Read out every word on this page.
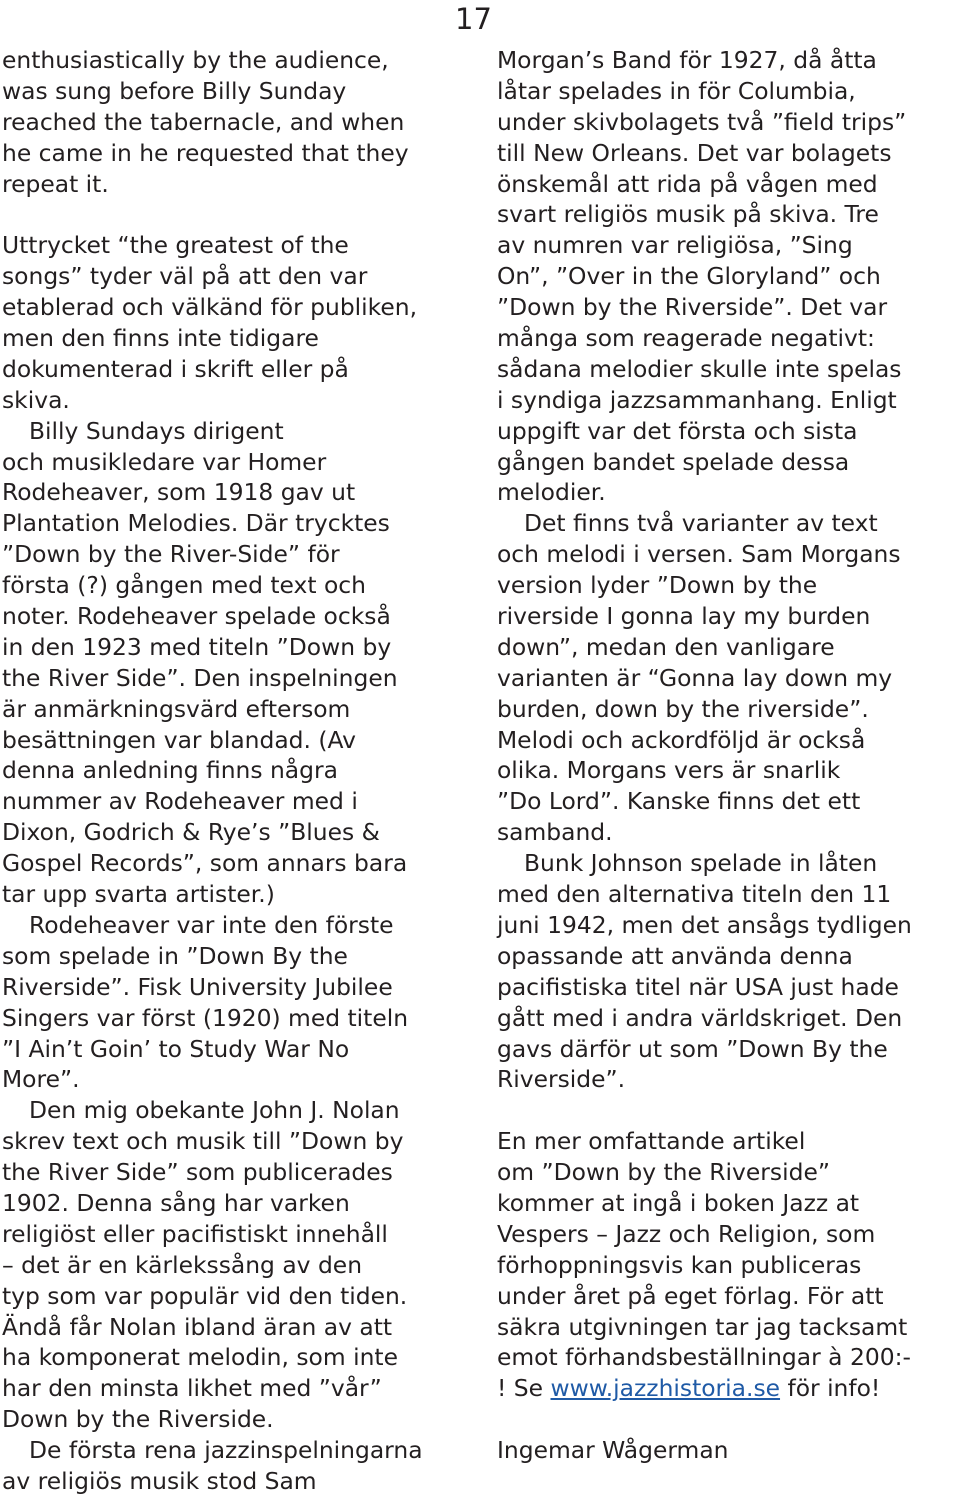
17
enthusiastically by the audience,
was sung before Billy Sunday
reached the tabernacle, and when
he came in he requested that they
repeat it.
Uttrycket “the greatest of the
songs” tyder väl på att den var
etablerad och välkänd för publiken,
men den finns inte tidigare
dokumenterad i skrift eller på
skiva.
Billy Sundays dirigent
och musikledare var Homer
Rodeheaver, som 1918 gav ut
Plantation Melodies. Där trycktes
”Down by the River-Side” för
första (?) gången med text och
noter. Rodeheaver spelade också
in den 1923 med titeln ”Down by
the River Side”. Den inspelningen
är anmärkningsvärd eftersom
besättningen var blandad. (Av
denna anledning finns några
nummer av Rodeheaver med i
Dixon, Godrich & Rye’s ”Blues &
Gospel Records”, som annars bara
tar upp svarta artister.)
Rodeheaver var inte den förste
som spelade in ”Down By the
Riverside”. Fisk University Jubilee
Singers var först (1920) med titeln
”I Ain’t Goin’ to Study War No
More”.
Den mig obekante John J. Nolan
skrev text och musik till ”Down by
the River Side” som publicerades
1902. Denna sång har varken
religiöst eller pacifistiskt innehåll
– det är en kärlekssång av den
typ som var populär vid den tiden.
Ändå får Nolan ibland äran av att
ha komponerat melodin, som inte
har den minsta likhet med ”vår”
Down by the Riverside.
De första rena jazzinspelningarna
av religiös musik stod Sam
Morgan’s Band för 1927, då åtta
låtar spelades in för Columbia,
under skivbolagets två ”field trips”
till New Orleans. Det var bolagets
önskemål att rida på vågen med
svart religiös musik på skiva. Tre
av numren var religiösa, ”Sing
On”, ”Over in the Gloryland” och
”Down by the Riverside”. Det var
många som reagerade negativt:
sådana melodier skulle inte spelas
i syndiga jazzsammanhang. Enligt
uppgift var det första och sista
gången bandet spelade dessa
melodier.
Det finns två varianter av text
och melodi i versen. Sam Morgans
version lyder ”Down by the
riverside I gonna lay my burden
down”, medan den vanligare
varianten är “Gonna lay down my
burden, down by the riverside”.
Melodi och ackordföljd är också
olika. Morgans vers är snarlik
”Do Lord”. Kanske finns det ett
samband.
Bunk Johnson spelade in låten
med den alternativa titeln den 11
juni 1942, men det ansågs tydligen
opassande att använda denna
pacifistiska titel när USA just hade
gått med i andra världskriget. Den
gavs därför ut som ”Down By the
Riverside”.
En mer omfattande artikel
om ”Down by the Riverside”
kommer at ingå i boken Jazz at
Vespers – Jazz och Religion, som
förhoppningsvis kan publiceras
under året på eget förlag. För att
säkra utgivningen tar jag tacksamt
emot förhandsbeställningar à 200:-
! Se www.jazzhistoria.se för info!
Ingemar Wågerman
